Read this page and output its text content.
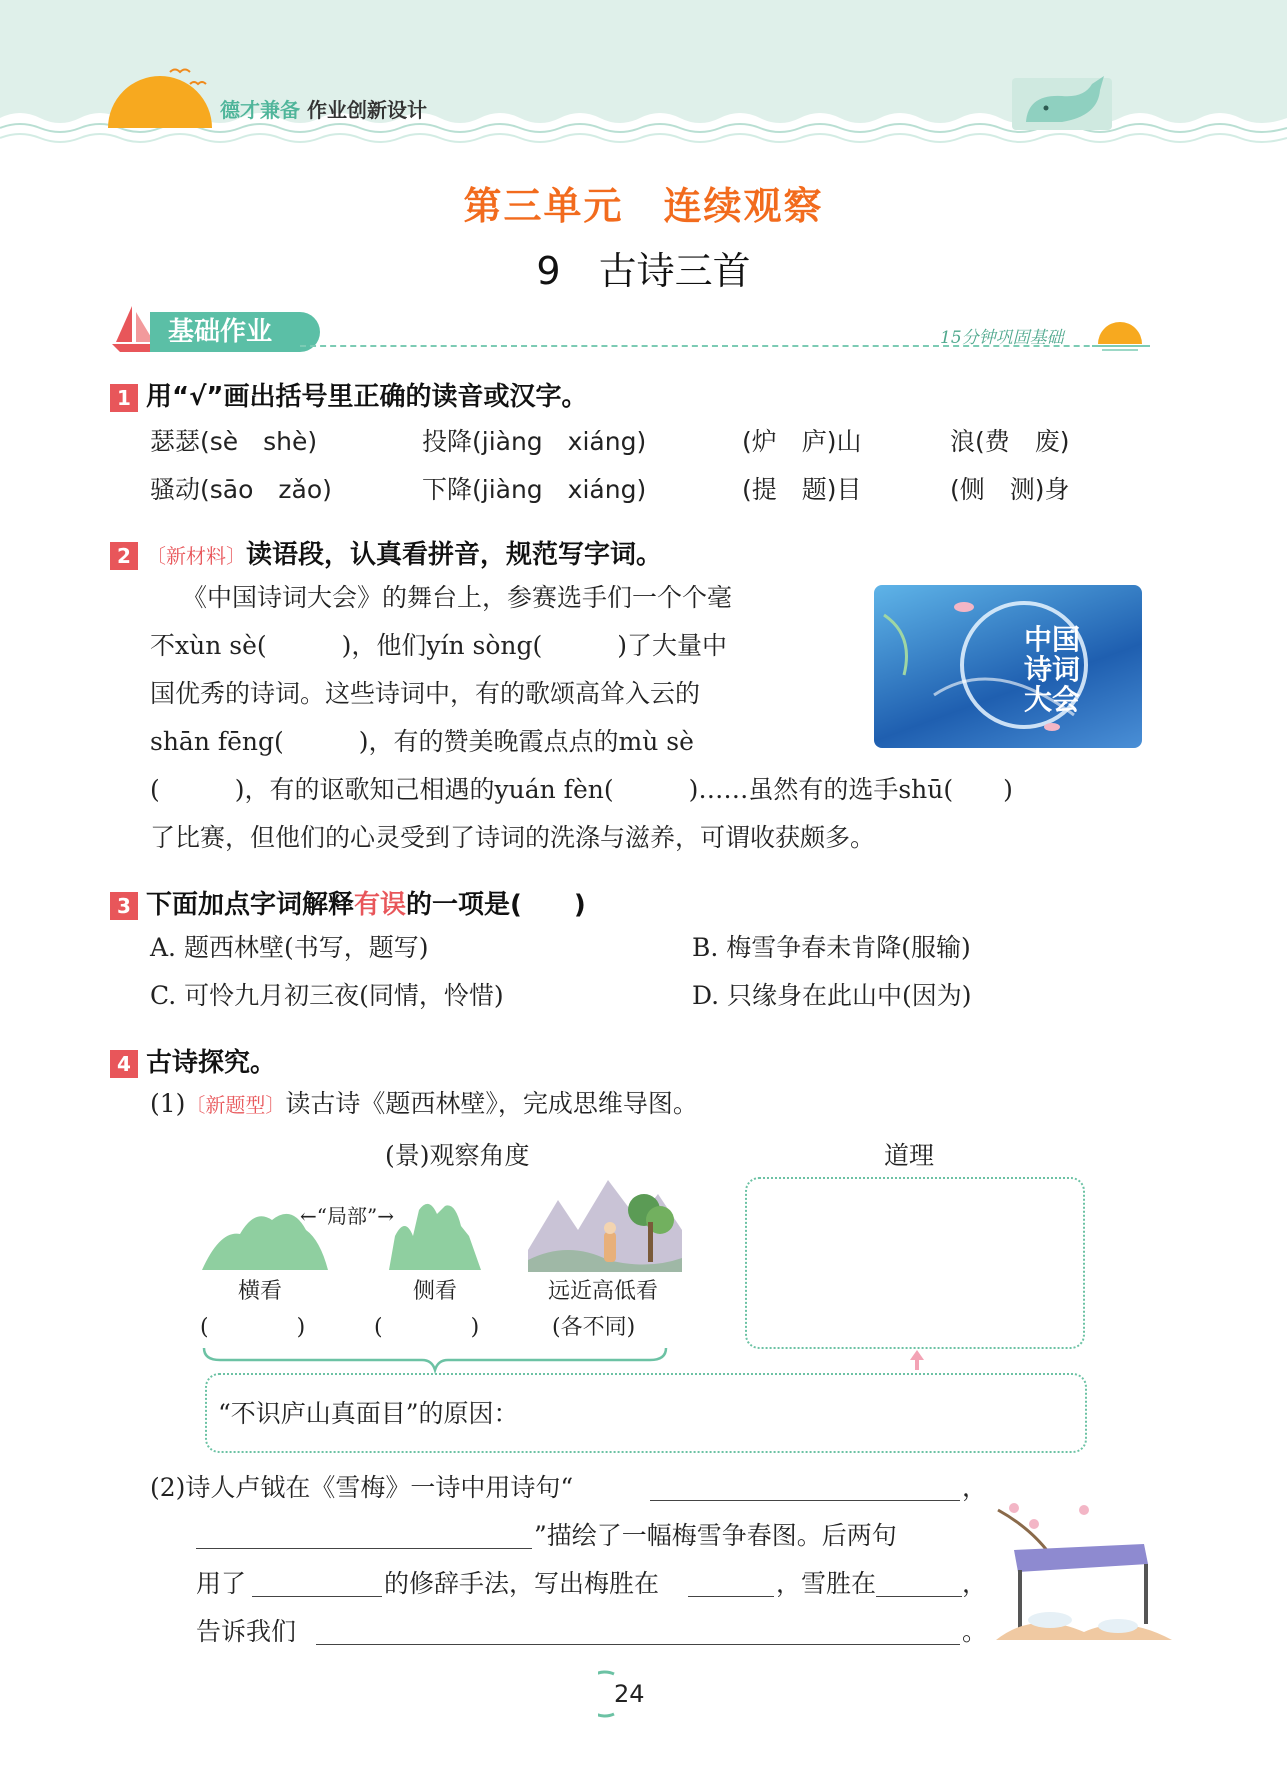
德才兼备 作业创新设计
第三单元　连续观察
9　古诗三首
基础作业	15分钟巩固基础
1 用“√”画出括号里正确的读音或汉字。
瑟瑟(sè　shè)	投降(jiàng　xiáng)	(炉　庐)山	浪(费　废)
骚动(sāo　zǎo)	下降(jiàng　xiáng)	(提　题)目	(侧　测)身
2 〔新材料〕读语段，认真看拼音，规范写字词。
《中国诗词大会》的舞台上，参赛选手们一个个毫
不xùn sè(　　　)，他们yín sòng(　　　)了大量中
国优秀的诗词。这些诗词中，有的歌颂高耸入云的
shān fēng(　　　)，有的赞美晚霞点点的mù sè
(　　　)，有的讴歌知己相遇的yuán fèn(　　　)……虽然有的选手shū(　　)
了比赛，但他们的心灵受到了诗词的洗涤与滋养，可谓收获颇多。
中国诗词大会
3 下面加点字词解释有误的一项是(　　)
A. 题西林壁(书写，题写)	B. 梅雪争春未肯降(服输)
C. 可怜九月初三夜(同情，怜惜)	D. 只缘身在此山中(因为)
4 古诗探究。
(1)〔新题型〕读古诗《题西林壁》，完成思维导图。
(景)观察角度	道理
←“局部”→
横看	侧看	远近高低看
(　　　　)	(　　　　)	(各不同)
“不识庐山真面目”的原因：
(2)诗人卢钺在《雪梅》一诗中用诗句“	，
”描绘了一幅梅雪争春图。后两句
用了	的修辞手法，写出梅胜在	，雪胜在	，
告诉我们	。
24
